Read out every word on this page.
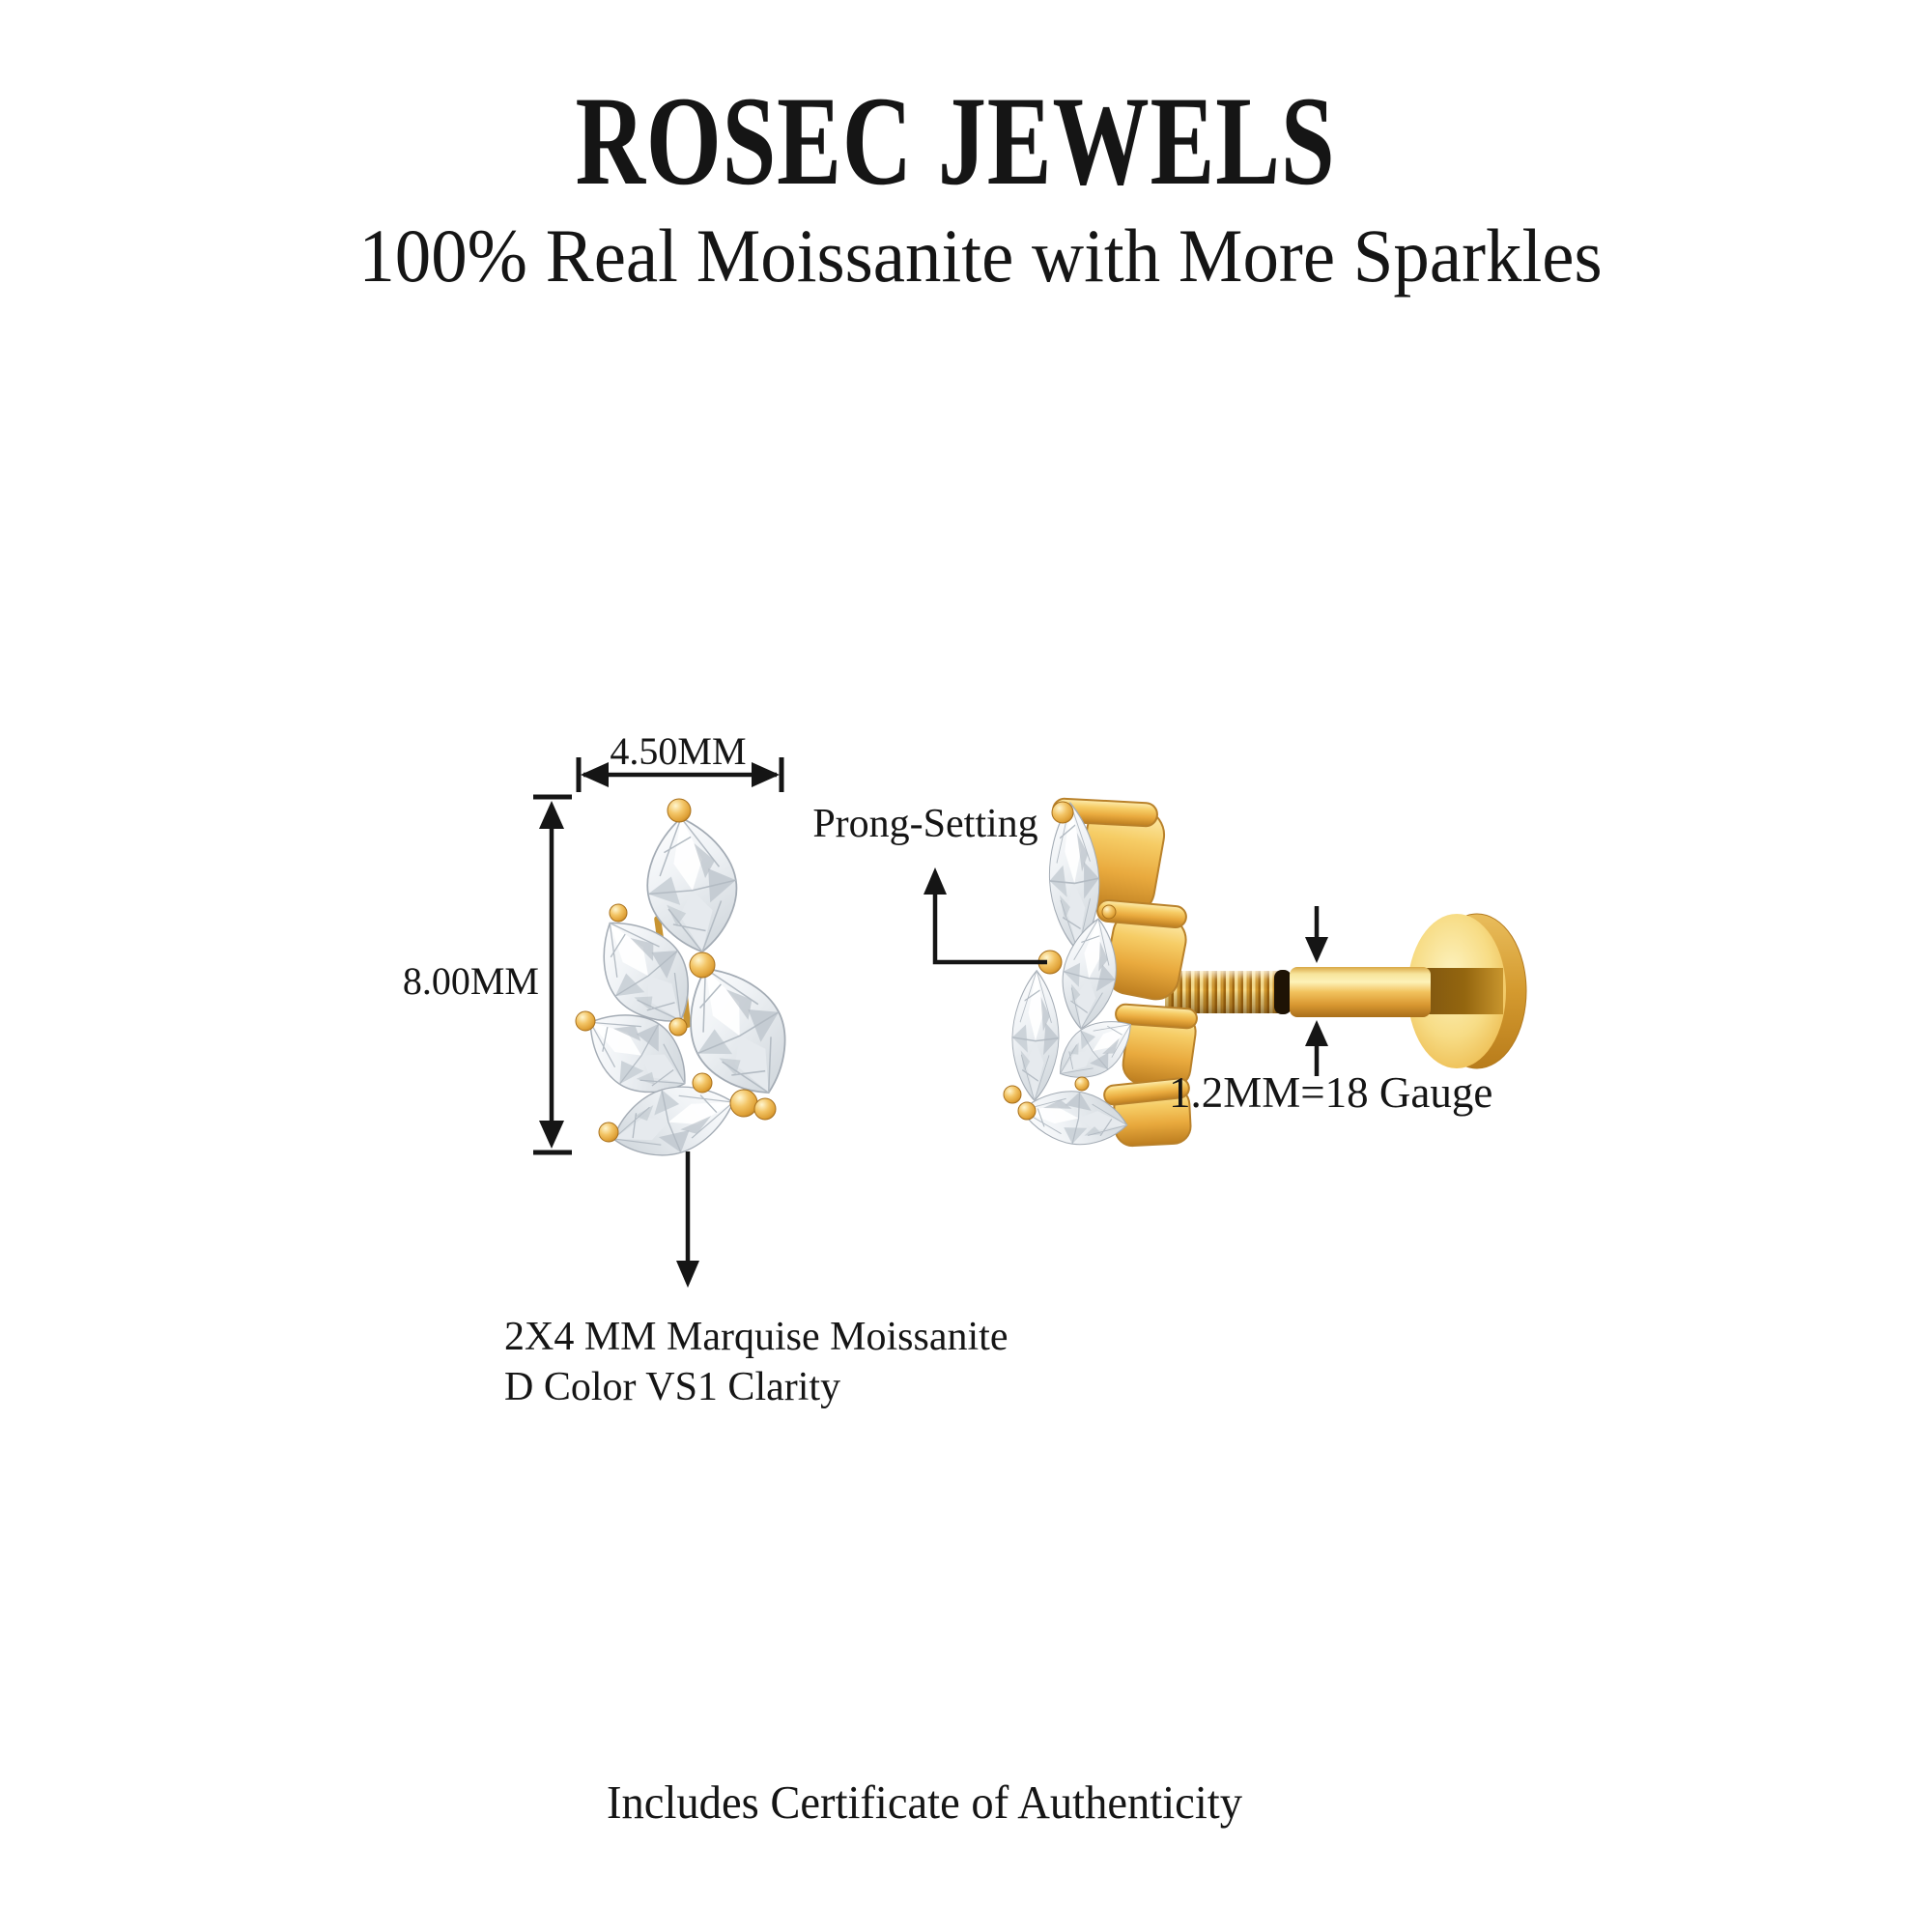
ROSEC JEWELS
100% Real Moissanite with More Sparkles
4.50MM
8.00MM
Prong-Setting
1.2MM=18 Gauge
2X4 MM Marquise Moissanite
D Color VS1 Clarity
Includes Certificate of Authenticity
